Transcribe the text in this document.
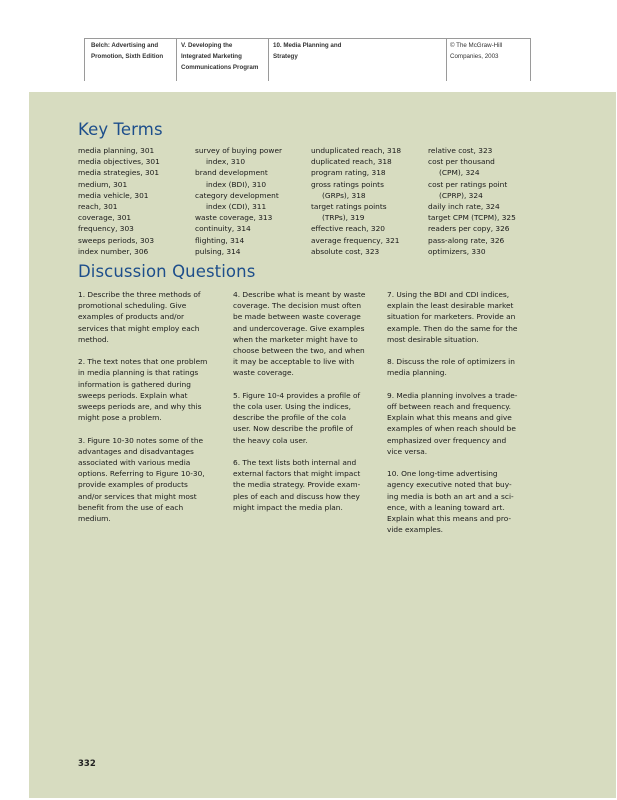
Belch: Advertising and
Promotion, Sixth Edition
V. Developing the
Integrated Marketing
Communications Program
10. Media Planning and
Strategy
© The McGraw-Hill
Companies, 2003
Key Terms
media planning, 301
media objectives, 301
media strategies, 301
medium, 301
media vehicle, 301
reach, 301
coverage, 301
frequency, 303
sweeps periods, 303
index number, 306
survey of buying power
index, 310
brand development
index (BDI), 310
category development
index (CDI), 311
waste coverage, 313
continuity, 314
flighting, 314
pulsing, 314
unduplicated reach, 318
duplicated reach, 318
program rating, 318
gross ratings points
(GRPs), 318
target ratings points
(TRPs), 319
effective reach, 320
average frequency, 321
absolute cost, 323
relative cost, 323
cost per thousand
(CPM), 324
cost per ratings point
(CPRP), 324
daily inch rate, 324
target CPM (TCPM), 325
readers per copy, 326
pass-along rate, 326
optimizers, 330
Discussion Questions

1. Describe the three methods of
promotional scheduling. Give
examples of products and/or
services that might employ each
method.

2. The text notes that one problem
in media planning is that ratings
information is gathered during
sweeps periods. Explain what
sweeps periods are, and why this
might pose a problem.

3. Figure 10-30 notes some of the
advantages and disadvantages
associated with various media
options. Referring to Figure 10-30,
provide examples of products
and/or services that might most
benefit from the use of each
medium.

4. Describe what is meant by waste
coverage. The decision must often
be made between waste coverage
and undercoverage. Give examples
when the marketer might have to
choose between the two, and when
it may be acceptable to live with
waste coverage.

5. Figure 10-4 provides a profile of
the cola user. Using the indices,
describe the profile of the cola
user. Now describe the profile of
the heavy cola user.

6. The text lists both internal and
external factors that might impact
the media strategy. Provide exam-
ples of each and discuss how they
might impact the media plan.

7. Using the BDI and CDI indices,
explain the least desirable market
situation for marketers. Provide an
example. Then do the same for the
most desirable situation.

8. Discuss the role of optimizers in
media planning.

9. Media planning involves a trade-
off between reach and frequency.
Explain what this means and give
examples of when reach should be
emphasized over frequency and
vice versa.

10. One long-time advertising
agency executive noted that buy-
ing media is both an art and a sci-
ence, with a leaning toward art.
Explain what this means and pro-
vide examples.

332
